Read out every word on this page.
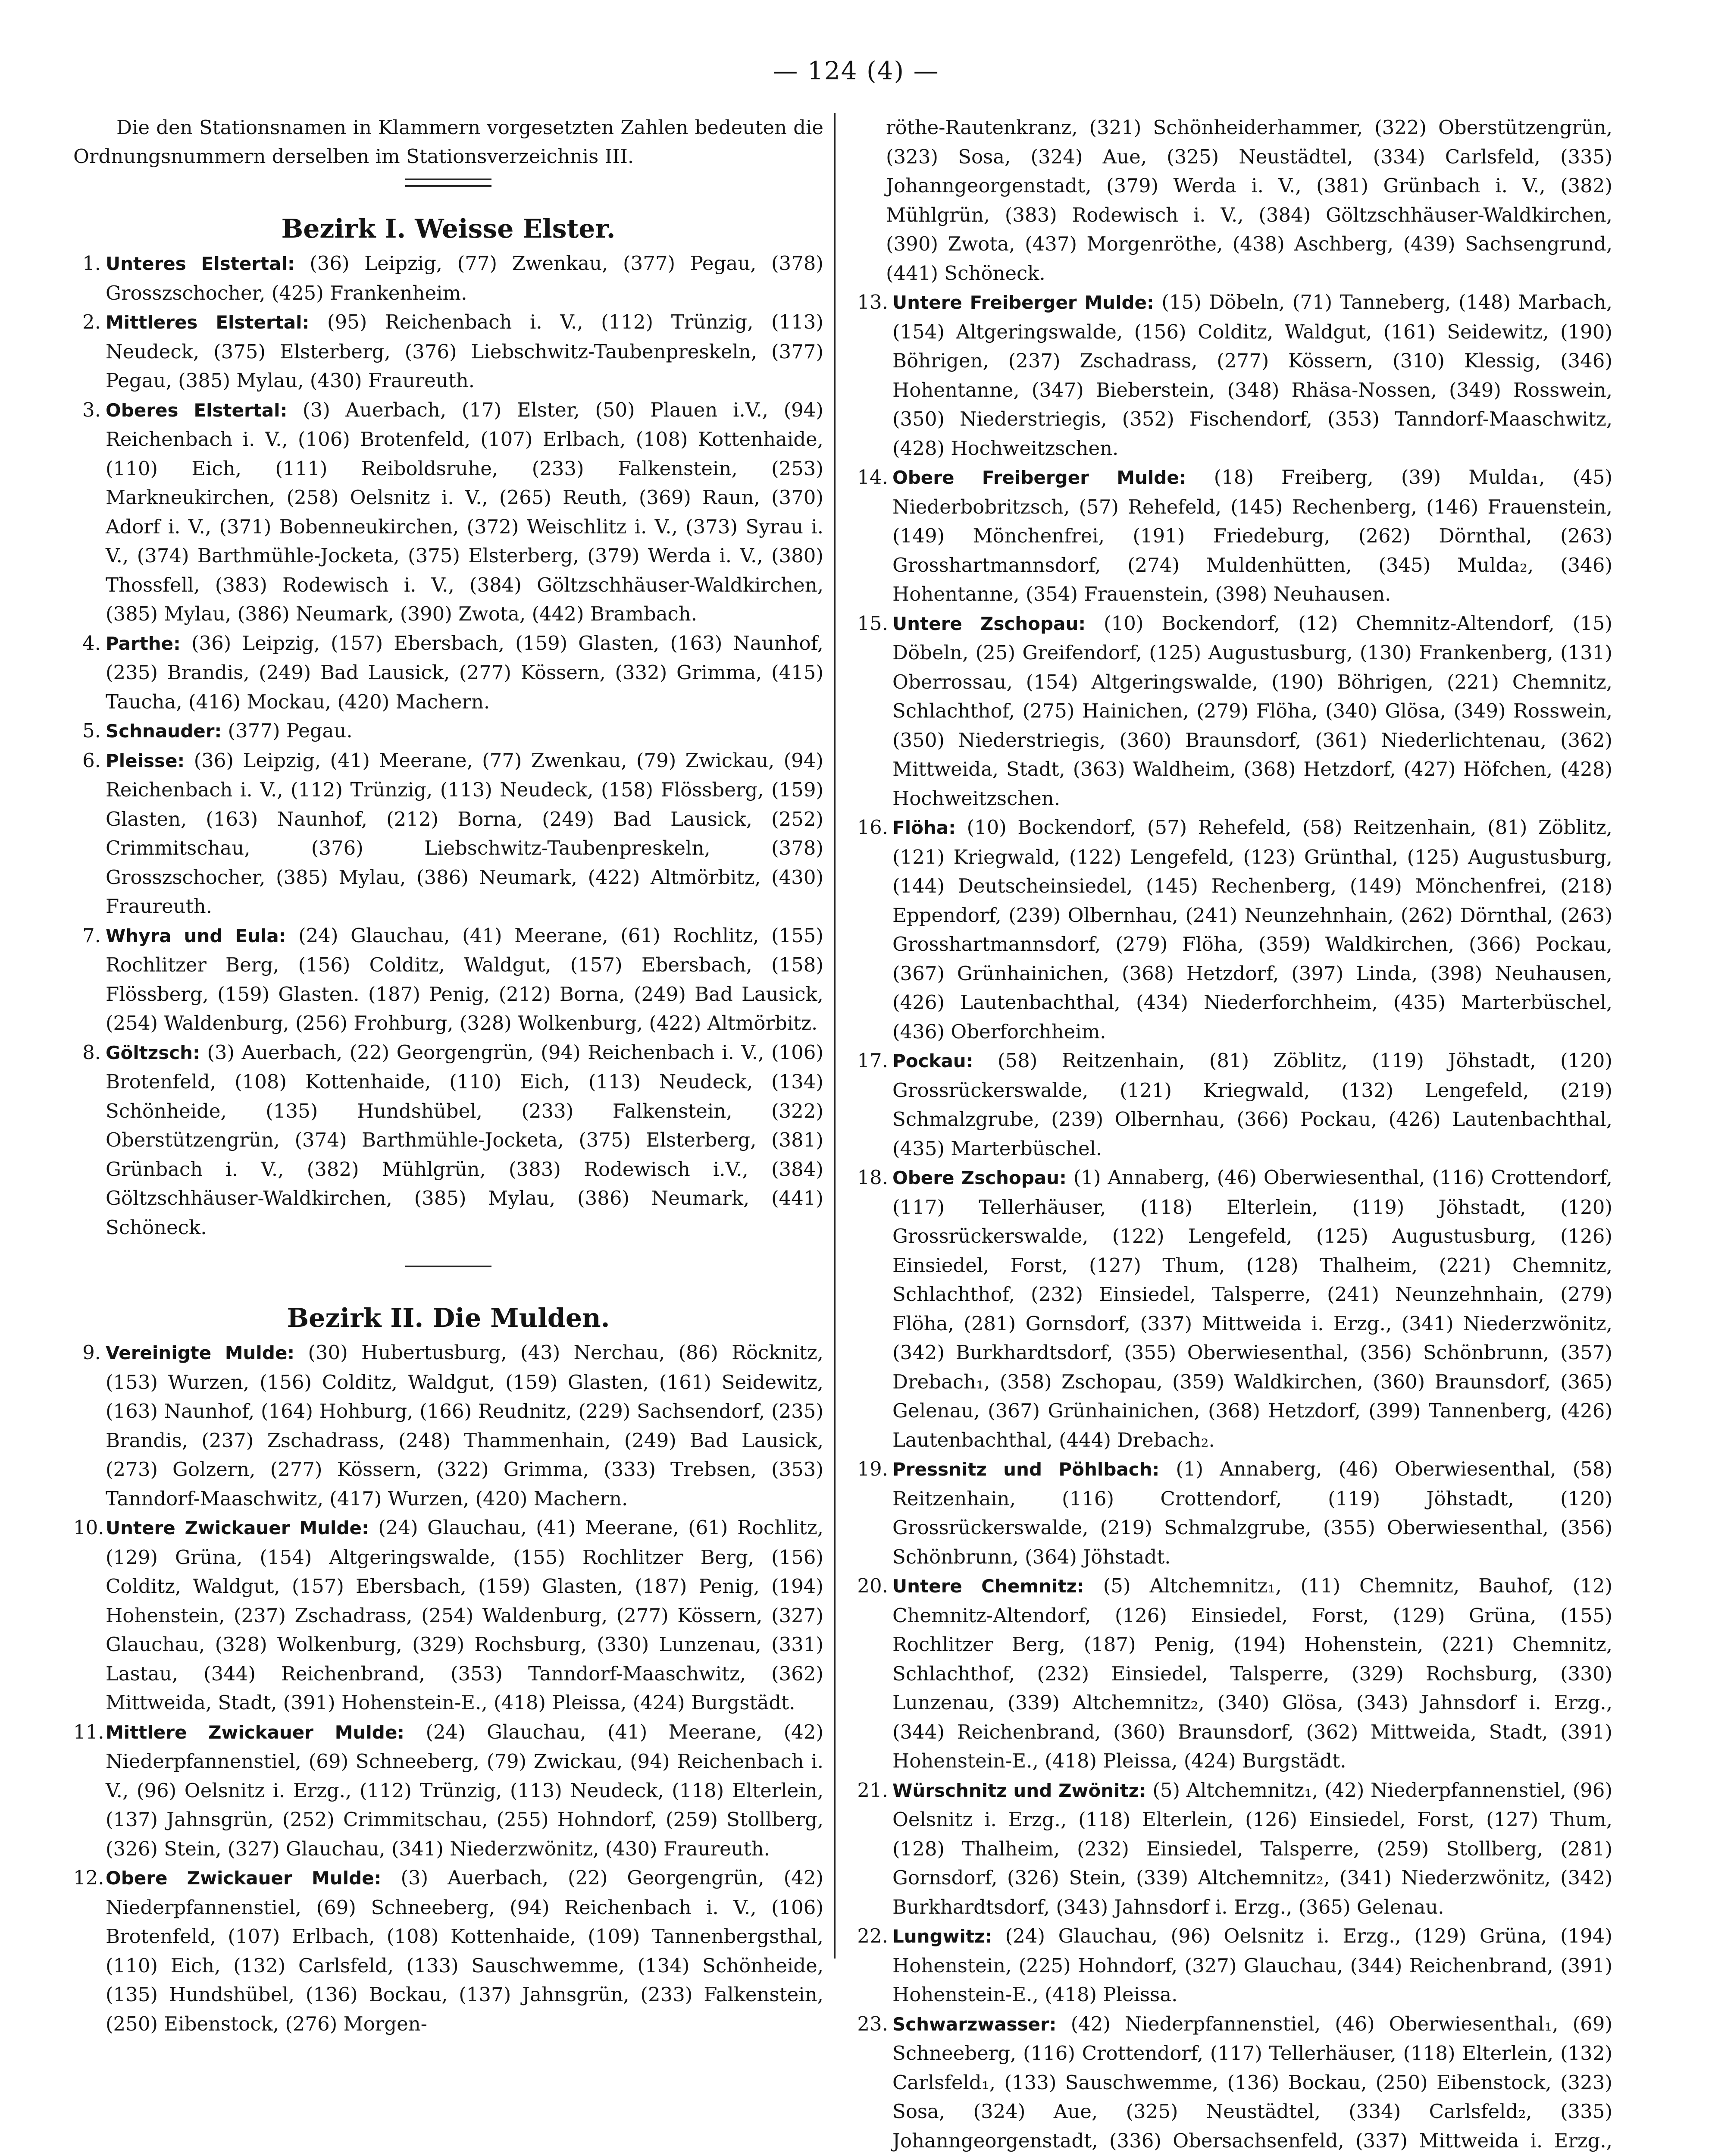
— 124 (4) —

Die den Stationsnamen in Klammern vorgesetzten Zahlen bedeuten die Ordnungsnummern derselben im Stationsverzeichnis III.

Bezirk I. Weisse Elster.

1. Unteres Elstertal: (36) Leipzig, (77) Zwenkau, (377) Pegau, (378) Grosszschocher, (425) Frankenheim.

2. Mittleres Elstertal: (95) Reichenbach i. V., (112) Trünzig, (113) Neudeck, (375) Elsterberg, (376) Liebschwitz-Taubenpreskeln, (377) Pegau, (385) Mylau, (430) Fraureuth.

3. Oberes Elstertal: (3) Auerbach, (17) Elster, (50) Plauen i.V., (94) Reichenbach i. V., (106) Brotenfeld, (107) Erlbach, (108) Kottenhaide, (110) Eich, (111) Reiboldsruhe, (233) Falkenstein, (253) Markneukirchen, (258) Oelsnitz i. V., (265) Reuth, (369) Raun, (370) Adorf i. V., (371) Bobenneukirchen, (372) Weischlitz i. V., (373) Syrau i. V., (374) Barthmühle-Jocketa, (375) Elsterberg, (379) Werda i. V., (380) Thossfell, (383) Rodewisch i. V., (384) Göltzschhäuser-Waldkirchen, (385) Mylau, (386) Neumark, (390) Zwota, (442) Brambach.

4. Parthe: (36) Leipzig, (157) Ebersbach, (159) Glasten, (163) Naunhof, (235) Brandis, (249) Bad Lausick, (277) Kössern, (332) Grimma, (415) Taucha, (416) Mockau, (420) Machern.

5. Schnauder: (377) Pegau.

6. Pleisse: (36) Leipzig, (41) Meerane, (77) Zwenkau, (79) Zwickau, (94) Reichenbach i. V., (112) Trünzig, (113) Neudeck, (158) Flössberg, (159) Glasten, (163) Naunhof, (212) Borna, (249) Bad Lausick, (252) Crimmitschau, (376) Liebschwitz-Taubenpreskeln, (378) Grosszschocher, (385) Mylau, (386) Neumark, (422) Altmörbitz, (430) Fraureuth.

7. Whyra und Eula: (24) Glauchau, (41) Meerane, (61) Rochlitz, (155) Rochlitzer Berg, (156) Colditz, Waldgut, (157) Ebersbach, (158) Flössberg, (159) Glasten. (187) Penig, (212) Borna, (249) Bad Lausick, (254) Waldenburg, (256) Frohburg, (328) Wolkenburg, (422) Altmörbitz.

8. Göltzsch: (3) Auerbach, (22) Georgengrün, (94) Reichenbach i. V., (106) Brotenfeld, (108) Kottenhaide, (110) Eich, (113) Neudeck, (134) Schönheide, (135) Hundshübel, (233) Falkenstein, (322) Oberstützengrün, (374) Barthmühle-Jocketa, (375) Elsterberg, (381) Grünbach i. V., (382) Mühlgrün, (383) Rodewisch i.V., (384) Göltzschhäuser-Waldkirchen, (385) Mylau, (386) Neumark, (441) Schöneck.

Bezirk II. Die Mulden.

9. Vereinigte Mulde: (30) Hubertusburg, (43) Nerchau, (86) Röcknitz, (153) Wurzen, (156) Colditz, Waldgut, (159) Glasten, (161) Seidewitz, (163) Naunhof, (164) Hohburg, (166) Reudnitz, (229) Sachsendorf, (235) Brandis, (237) Zschadrass, (248) Thammenhain, (249) Bad Lausick, (273) Golzern, (277) Kössern, (322) Grimma, (333) Trebsen, (353) Tanndorf-Maaschwitz, (417) Wurzen, (420) Machern.

10. Untere Zwickauer Mulde: (24) Glauchau, (41) Meerane, (61) Rochlitz, (129) Grüna, (154) Altgeringswalde, (155) Rochlitzer Berg, (156) Colditz, Waldgut, (157) Ebersbach, (159) Glasten, (187) Penig, (194) Hohenstein, (237) Zschadrass, (254) Waldenburg, (277) Kössern, (327) Glauchau, (328) Wolkenburg, (329) Rochsburg, (330) Lunzenau, (331) Lastau, (344) Reichenbrand, (353) Tanndorf-Maaschwitz, (362) Mittweida, Stadt, (391) Hohenstein-E., (418) Pleissa, (424) Burgstädt.

11. Mittlere Zwickauer Mulde: (24) Glauchau, (41) Meerane, (42) Niederpfannenstiel, (69) Schneeberg, (79) Zwickau, (94) Reichenbach i. V., (96) Oelsnitz i. Erzg., (112) Trünzig, (113) Neudeck, (118) Elterlein, (137) Jahnsgrün, (252) Crimmitschau, (255) Hohndorf, (259) Stollberg, (326) Stein, (327) Glauchau, (341) Niederzwönitz, (430) Fraureuth.

12. Obere Zwickauer Mulde: (3) Auerbach, (22) Georgengrün, (42) Niederpfannenstiel, (69) Schneeberg, (94) Reichenbach i. V., (106) Brotenfeld, (107) Erlbach, (108) Kottenhaide, (109) Tannenbergsthal, (110) Eich, (132) Carlsfeld, (133) Sauschwemme, (134) Schönheide, (135) Hundshübel, (136) Bockau, (137) Jahnsgrün, (233) Falkenstein, (250) Eibenstock, (276) Morgen-

röthe-Rautenkranz, (321) Schönheiderhammer, (322) Oberstützengrün, (323) Sosa, (324) Aue, (325) Neustädtel, (334) Carlsfeld, (335) Johanngeorgenstadt, (379) Werda i. V., (381) Grünbach i. V., (382) Mühlgrün, (383) Rodewisch i. V., (384) Göltzschhäuser-Waldkirchen, (390) Zwota, (437) Morgenröthe, (438) Aschberg, (439) Sachsengrund, (441) Schöneck.

13. Untere Freiberger Mulde: (15) Döbeln, (71) Tanneberg, (148) Marbach, (154) Altgeringswalde, (156) Colditz, Waldgut, (161) Seidewitz, (190) Böhrigen, (237) Zschadrass, (277) Kössern, (310) Klessig, (346) Hohentanne, (347) Bieberstein, (348) Rhäsa-Nossen, (349) Rosswein, (350) Niederstriegis, (352) Fischendorf, (353) Tanndorf-Maaschwitz, (428) Hochweitzschen.

14. Obere Freiberger Mulde: (18) Freiberg, (39) Mulda₁, (45) Niederbobritzsch, (57) Rehefeld, (145) Rechenberg, (146) Frauenstein, (149) Mönchenfrei, (191) Friedeburg, (262) Dörnthal, (263) Grosshartmannsdorf, (274) Muldenhütten, (345) Mulda₂, (346) Hohentanne, (354) Frauenstein, (398) Neuhausen.

15. Untere Zschopau: (10) Bockendorf, (12) Chemnitz-Altendorf, (15) Döbeln, (25) Greifendorf, (125) Augustusburg, (130) Frankenberg, (131) Oberrossau, (154) Altgeringswalde, (190) Böhrigen, (221) Chemnitz, Schlachthof, (275) Hainichen, (279) Flöha, (340) Glösa, (349) Rosswein, (350) Niederstriegis, (360) Braunsdorf, (361) Niederlichtenau, (362) Mittweida, Stadt, (363) Waldheim, (368) Hetzdorf, (427) Höfchen, (428) Hochweitzschen.

16. Flöha: (10) Bockendorf, (57) Rehefeld, (58) Reitzenhain, (81) Zöblitz, (121) Kriegwald, (122) Lengefeld, (123) Grünthal, (125) Augustusburg, (144) Deutscheinsiedel, (145) Rechenberg, (149) Mönchenfrei, (218) Eppendorf, (239) Olbernhau, (241) Neunzehnhain, (262) Dörnthal, (263) Grosshartmannsdorf, (279) Flöha, (359) Waldkirchen, (366) Pockau, (367) Grünhainichen, (368) Hetzdorf, (397) Linda, (398) Neuhausen, (426) Lautenbachthal, (434) Niederforchheim, (435) Marterbüschel, (436) Oberforchheim.

17. Pockau: (58) Reitzenhain, (81) Zöblitz, (119) Jöhstadt, (120) Grossrückerswalde, (121) Kriegwald, (132) Lengefeld, (219) Schmalzgrube, (239) Olbernhau, (366) Pockau, (426) Lautenbachthal, (435) Marterbüschel.

18. Obere Zschopau: (1) Annaberg, (46) Oberwiesenthal, (116) Crottendorf, (117) Tellerhäuser, (118) Elterlein, (119) Jöhstadt, (120) Grossrückerswalde, (122) Lengefeld, (125) Augustusburg, (126) Einsiedel, Forst, (127) Thum, (128) Thalheim, (221) Chemnitz, Schlachthof, (232) Einsiedel, Talsperre, (241) Neunzehnhain, (279) Flöha, (281) Gornsdorf, (337) Mittweida i. Erzg., (341) Niederzwönitz, (342) Burkhardtsdorf, (355) Oberwiesenthal, (356) Schönbrunn, (357) Drebach₁, (358) Zschopau, (359) Waldkirchen, (360) Braunsdorf, (365) Gelenau, (367) Grünhainichen, (368) Hetzdorf, (399) Tannenberg, (426) Lautenbachthal, (444) Drebach₂.

19. Pressnitz und Pöhlbach: (1) Annaberg, (46) Oberwiesenthal, (58) Reitzenhain, (116) Crottendorf, (119) Jöhstadt, (120) Grossrückerswalde, (219) Schmalzgrube, (355) Oberwiesenthal, (356) Schönbrunn, (364) Jöhstadt.

20. Untere Chemnitz: (5) Altchemnitz₁, (11) Chemnitz, Bauhof, (12) Chemnitz-Altendorf, (126) Einsiedel, Forst, (129) Grüna, (155) Rochlitzer Berg, (187) Penig, (194) Hohenstein, (221) Chemnitz, Schlachthof, (232) Einsiedel, Talsperre, (329) Rochsburg, (330) Lunzenau, (339) Altchemnitz₂, (340) Glösa, (343) Jahnsdorf i. Erzg., (344) Reichenbrand, (360) Braunsdorf, (362) Mittweida, Stadt, (391) Hohenstein-E., (418) Pleissa, (424) Burgstädt.

21. Würschnitz und Zwönitz: (5) Altchemnitz₁, (42) Niederpfannenstiel, (96) Oelsnitz i. Erzg., (118) Elterlein, (126) Einsiedel, Forst, (127) Thum, (128) Thalheim, (232) Einsiedel, Talsperre, (259) Stollberg, (281) Gornsdorf, (326) Stein, (339) Altchemnitz₂, (341) Niederzwönitz, (342) Burkhardtsdorf, (343) Jahnsdorf i. Erzg., (365) Gelenau.

22. Lungwitz: (24) Glauchau, (96) Oelsnitz i. Erzg., (129) Grüna, (194) Hohenstein, (225) Hohndorf, (327) Glauchau, (344) Reichenbrand, (391) Hohenstein-E., (418) Pleissa.

23. Schwarzwasser: (42) Niederpfannenstiel, (46) Oberwiesenthal₁, (69) Schneeberg, (116) Crottendorf, (117) Tellerhäuser, (118) Elterlein, (132) Carlsfeld₁, (133) Sauschwemme, (136) Bockau, (250) Eibenstock, (323) Sosa, (324) Aue, (325) Neustädtel, (334) Carlsfeld₂, (335) Johanngeorgenstadt, (336) Obersachsenfeld, (337) Mittweida i. Erzg.,
